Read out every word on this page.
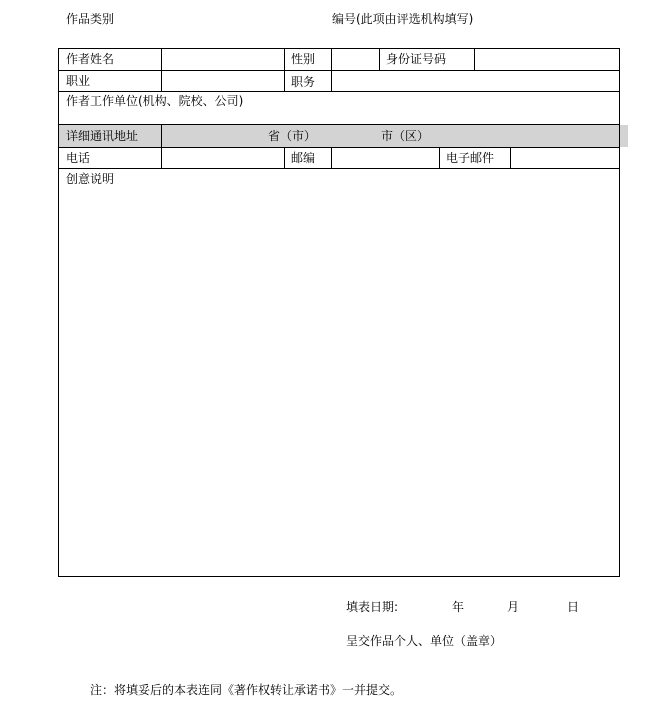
作品类别	编号(此项由评选机构填写)
作者姓名	性别	身份证号码
职业	职务
作者工作单位(机构、院校、公司)
详细通讯地址	省（市）	市（区）
电话	邮编	电子邮件
创意说明
填表日期:	年	月	日
呈交作品个人、单位（盖章）
注：将填妥后的本表连同《著作权转让承诺书》一并提交。
